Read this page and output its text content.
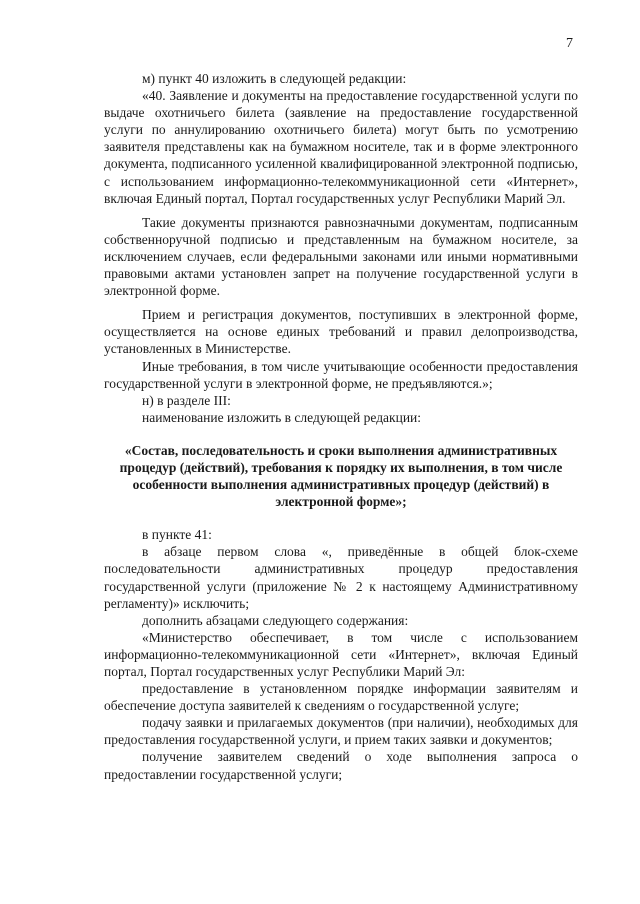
7

м) пункт 40 изложить в следующей редакции:

«40. Заявление и документы на предоставление государственной услуги по выдаче охотничьего билета (заявление на предоставление государственной услуги по аннулированию охотничьего билета) могут быть по усмотрению заявителя представлены как на бумажном носителе, так и в форме электронного документа, подписанного усиленной квалифицированной электронной подписью, с использованием информационно-телекоммуникационной сети «Интернет», включая Единый портал, Портал государственных услуг Республики Марий Эл.

Такие документы признаются равнозначными документам, подписанным собственноручной подписью и представленным на бумажном носителе, за исключением случаев, если федеральными законами или иными нормативными правовыми актами установлен запрет на получение государственной услуги в электронной форме.

Прием и регистрация документов, поступивших в электронной форме, осуществляется на основе единых требований и правил делопроизводства, установленных в Министерстве.

Иные требования, в том числе учитывающие особенности предоставления государственной услуги в электронной форме, не предъявляются.»;

н) в разделе III:

наименование изложить в следующей редакции:

«Состав, последовательность и сроки выполнения административных процедур (действий), требования к порядку их выполнения, в том числе особенности выполнения административных процедур (действий) в электронной форме»;

в пункте 41:

в абзаце первом слова «, приведённые в общей блок-схеме последовательности административных процедур предоставления государственной услуги (приложение № 2 к настоящему Административному регламенту)» исключить;

дополнить абзацами следующего содержания:

«Министерство обеспечивает, в том числе с использованием информационно-телекоммуникационной сети «Интернет», включая Единый портал, Портал государственных услуг Республики Марий Эл:

предоставление в установленном порядке информации заявителям и обеспечение доступа заявителей к сведениям о государственной услуге;

подачу заявки и прилагаемых документов (при наличии), необходимых для предоставления государственной услуги, и прием таких заявки и документов;

получение заявителем сведений о ходе выполнения запроса о предоставлении государственной услуги;
